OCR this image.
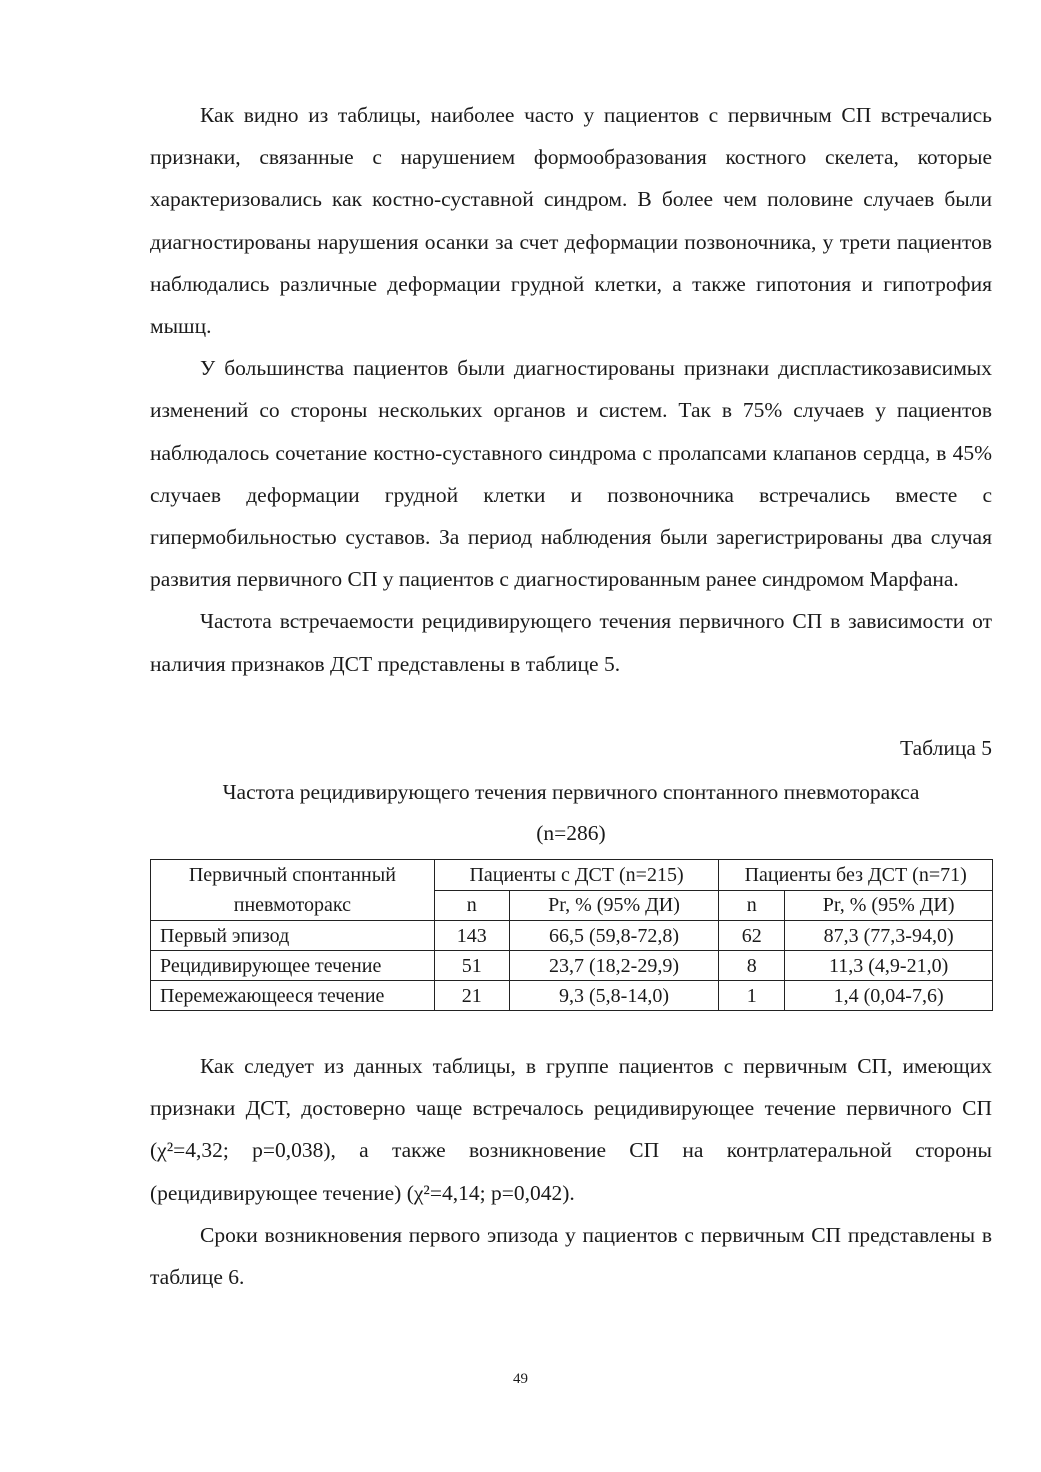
Как видно из таблицы, наиболее часто у пациентов с первичным СП встречались признаки, связанные с нарушением формообразования костного скелета, которые характеризовались как костно-суставной синдром. В более чем половине случаев были диагностированы нарушения осанки за счет деформации позвоночника, у трети пациентов наблюдались различные деформации грудной клетки, а также гипотония и гипотрофия мышц.

У большинства пациентов были диагностированы признаки диспластикозависимых изменений со стороны нескольких органов и систем. Так в 75% случаев у пациентов наблюдалось сочетание костно-суставного синдрома с пролапсами клапанов сердца, в 45% случаев деформации грудной клетки и позвоночника встречались вместе с гипермобильностью суставов. За период наблюдения были зарегистрированы два случая развития первичного СП у пациентов с диагностированным ранее синдромом Марфана.

Частота встречаемости рецидивирующего течения первичного СП в зависимости от наличия признаков ДСТ представлены в таблице 5.

Таблица 5

Частота рецидивирующего течения первичного спонтанного пневмоторакса
(n=286)
Первичный спонтанный пневмоторакс	Пациенты с ДСТ (n=215)		Пациенты без ДСТ (n=71)	
	n	Pr, % (95% ДИ)	n	Pr, % (95% ДИ)
Первый эпизод	143	66,5 (59,8-72,8)	62	87,3 (77,3-94,0)
Рецидивирующее течение	51	23,7 (18,2-29,9)	8	11,3 (4,9-21,0)
Перемежающееся течение	21	9,3 (5,8-14,0)	1	1,4 (0,04-7,6)

Как следует из данных таблицы, в группе пациентов с первичным СП, имеющих признаки ДСТ, достоверно чаще встречалось рецидивирующее течение первичного СП (χ²=4,32; p=0,038), а также возникновение СП на контрлатеральной стороны (рецидивирующее течение) (χ²=4,14; p=0,042).

Сроки возникновения первого эпизода у пациентов с первичным СП представлены в таблице 6.

49
